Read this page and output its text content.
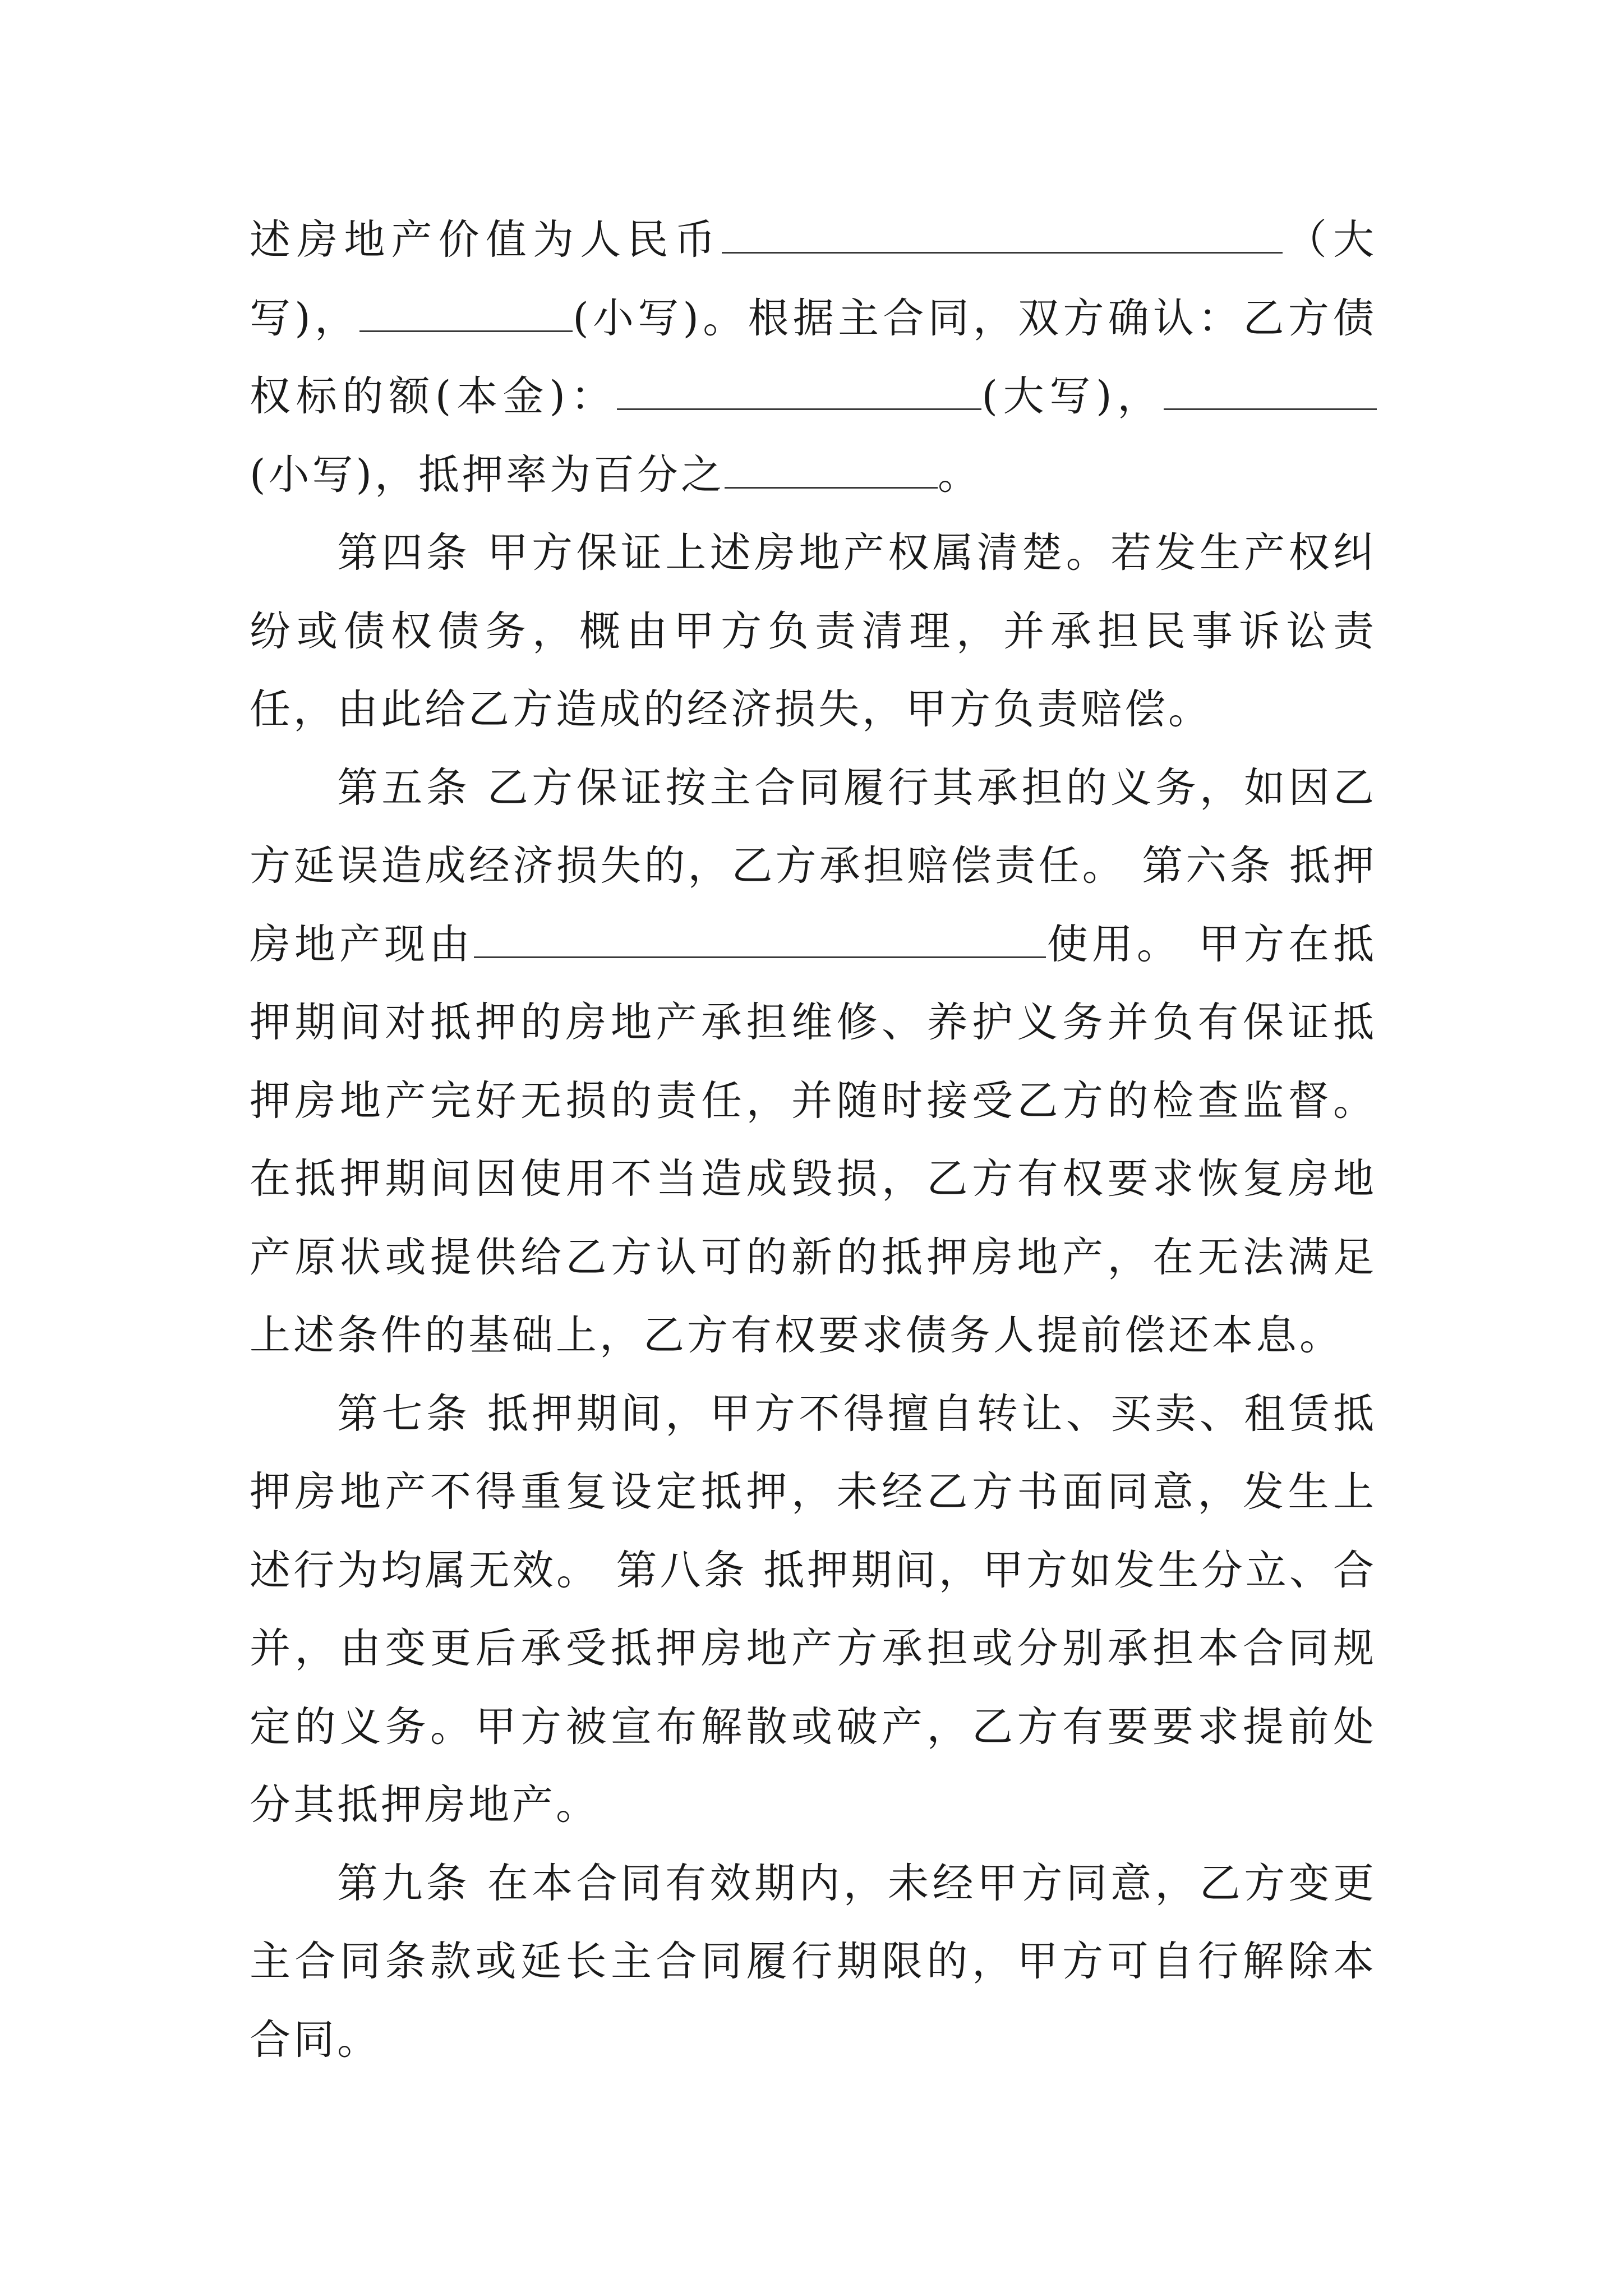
述房地产价值为人民币	（大写)，	(小写)。根据主合同，双方确认：乙方债权标的额(本金)：	(大写)，(小写)，抵押率为百分之	。

第四条 甲方保证上述房地产权属清楚。若发生产权纠纷或债权债务，概由甲方负责清理，并承担民事诉讼责任，由此给乙方造成的经济损失，甲方负责赔偿。

第五条 乙方保证按主合同履行其承担的义务，如因乙方延误造成经济损失的，乙方承担赔偿责任。 第六条 抵押房地产现由	使用。 甲方在抵押期间对抵押的房地产承担维修、养护义务并负有保证抵押房地产完好无损的责任，并随时接受乙方的检查监督。 在抵押期间因使用不当造成毁损，乙方有权要求恢复房地产原状或提供给乙方认可的新的抵押房地产，在无法满足上述条件的基础上，乙方有权要求债务人提前偿还本息。

第七条 抵押期间，甲方不得擅自转让、买卖、租赁抵押房地产不得重复设定抵押，未经乙方书面同意，发生上述行为均属无效。 第八条 抵押期间，甲方如发生分立、合并，由变更后承受抵押房地产方承担或分别承担本合同规定的义务。甲方被宣布解散或破产，乙方有要要求提前处分其抵押房地产。

第九条 在本合同有效期内，未经甲方同意，乙方变更主合同条款或延长主合同履行期限的，甲方可自行解除本合同。
